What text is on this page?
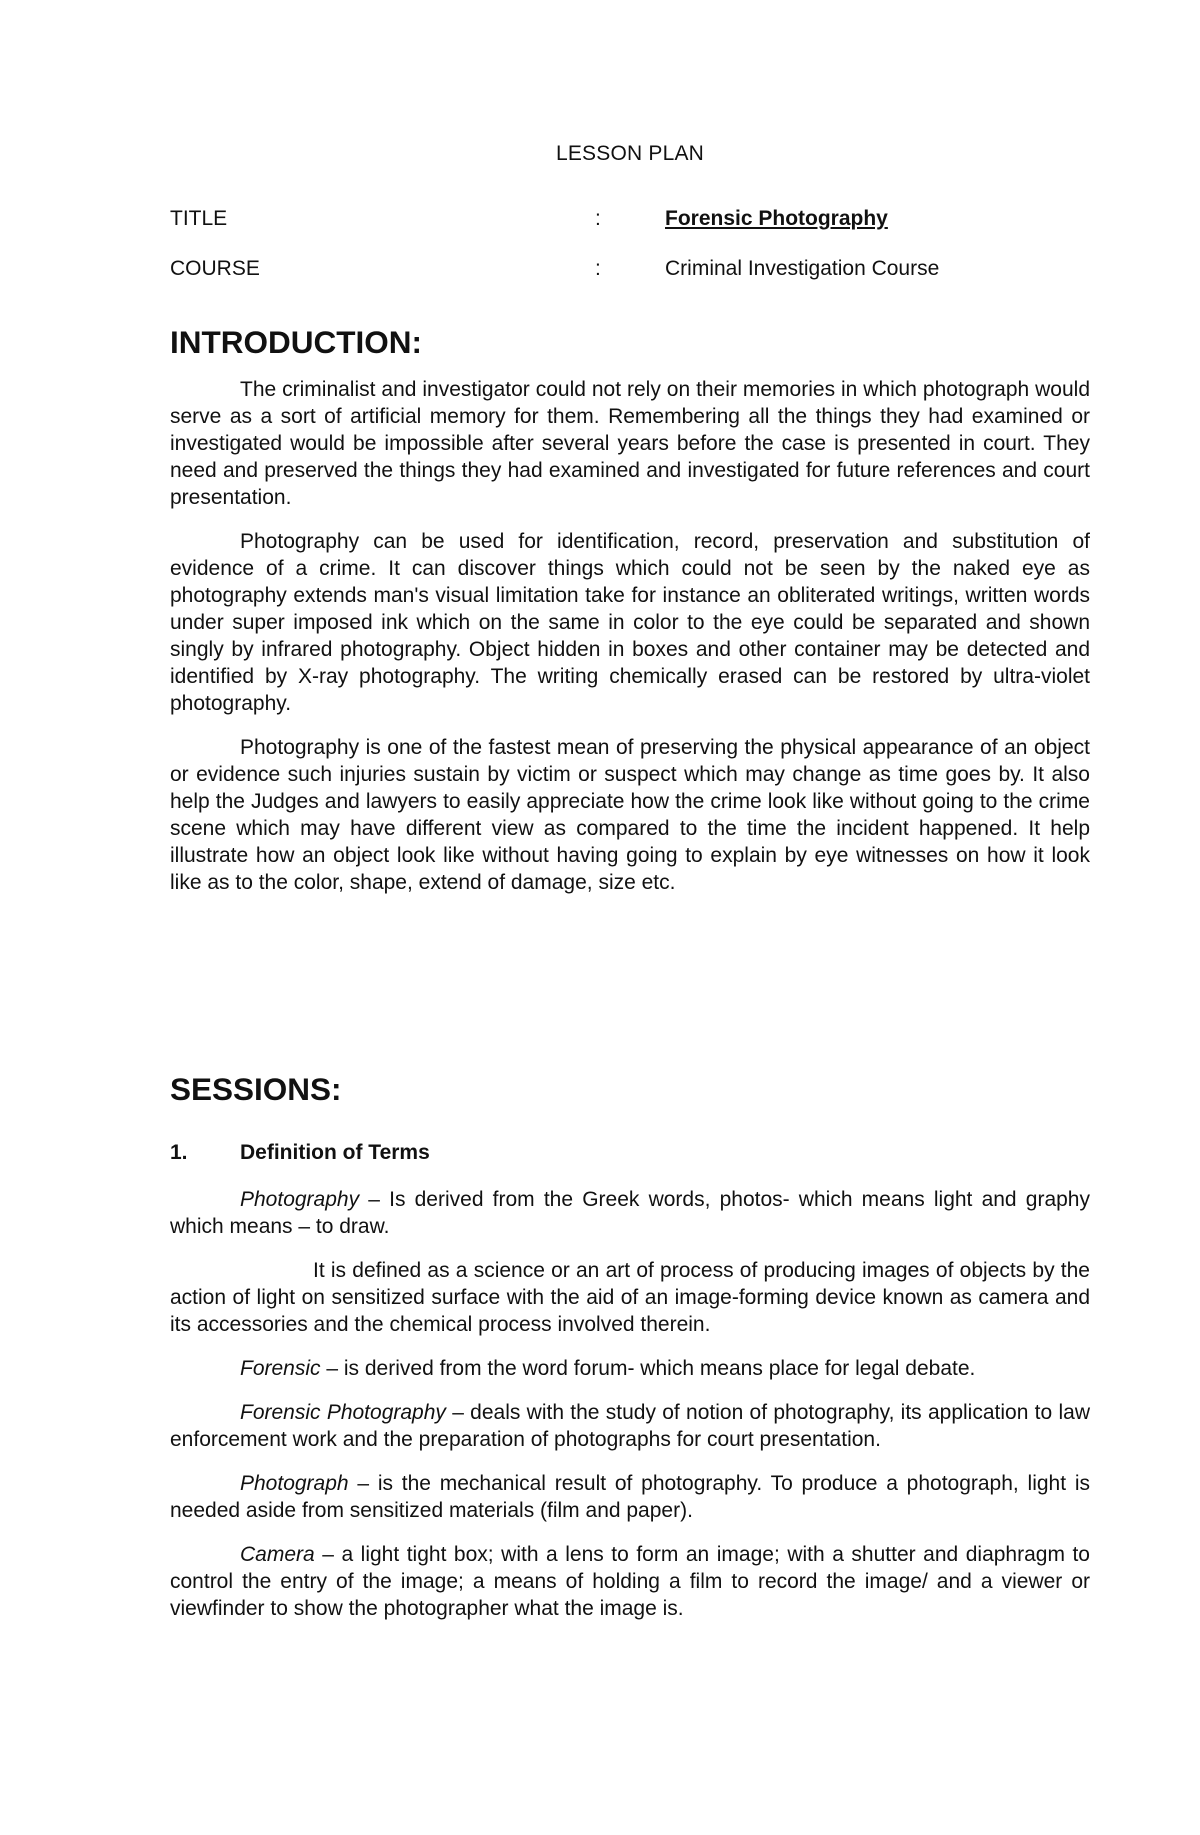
LESSON PLAN
TITLE	:	Forensic Photography
COURSE	:	Criminal Investigation Course
INTRODUCTION:

The criminalist and investigator could not rely on their memories in which photograph would serve as a sort of artificial memory for them. Remembering all the things they had examined or investigated would be impossible after several years before the case is presented in court. They need and preserved the things they had examined and investigated for future references and court presentation.

Photography can be used for identification, record, preservation and substitution of evidence of a crime. It can discover things which could not be seen by the naked eye as photography extends man's visual limitation take for instance an obliterated writings, written words under super imposed ink which on the same in color to the eye could be separated and shown singly by infrared photography. Object hidden in boxes and other container may be detected and identified by X-ray photography. The writing chemically erased can be restored by ultra-violet photography.

Photography is one of the fastest mean of preserving the physical appearance of an object or evidence such injuries sustain by victim or suspect which may change as time goes by. It also help the Judges and lawyers to easily appreciate how the crime look like without going to the crime scene which may have different view as compared to the time the incident happened. It help illustrate how an object look like without having going to explain by eye witnesses on how it look like as to the color, shape, extend of damage, size etc.

SESSIONS:
1.	Definition of Terms

Photography – Is derived from the Greek words, photos- which means light and graphy which means – to draw.

It is defined as a science or an art of process of producing images of objects by the action of light on sensitized surface with the aid of an image-forming device known as camera and its accessories and the chemical process involved therein.

Forensic – is derived from the word forum- which means place for legal debate.

Forensic Photography – deals with the study of notion of photography, its application to law enforcement work and the preparation of photographs for court presentation.

Photograph – is the mechanical result of photography. To produce a photograph, light is needed aside from sensitized materials (film and paper).

Camera – a light tight box; with a lens to form an image; with a shutter and diaphragm to control the entry of the image; a means of holding a film to record the image/ and a viewer or viewfinder to show the photographer what the image is.
